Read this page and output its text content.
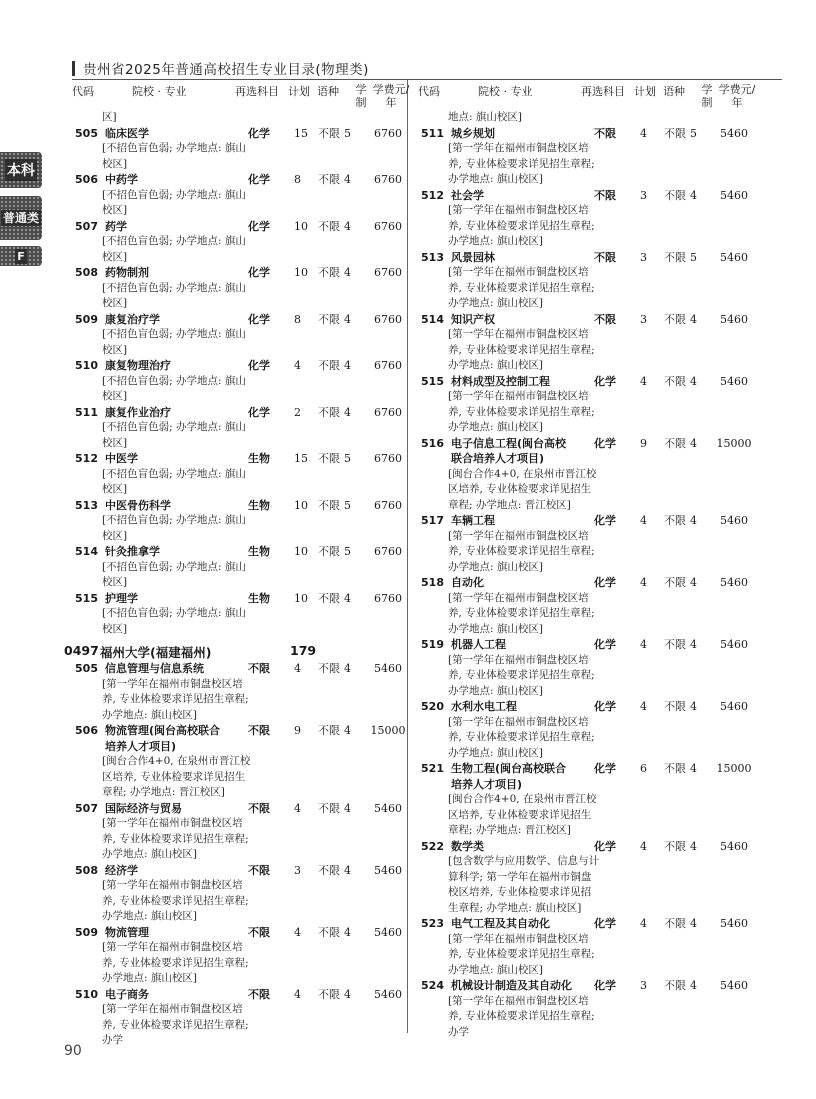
贵州省2025年普通高校招生专业目录(物理类)
本科
普通类
F
代码	院校 · 专业	再选科目 计划 语种 学制
学费元/年
区]
505 临床医学	化学 15 不限 5	6760
[不招色盲色弱; 办学地点: 旗山校区]
506 中药学	化学 8 不限 4	6760
[不招色盲色弱; 办学地点: 旗山校区]
507 药学	化学 10 不限 4	6760
[不招色盲色弱; 办学地点: 旗山校区]
508 药物制剂	化学 10 不限 4	6760
[不招色盲色弱; 办学地点: 旗山校区]
509 康复治疗学	化学 8 不限 4	6760
[不招色盲色弱; 办学地点: 旗山校区]
510 康复物理治疗	化学 4 不限 4	6760
[不招色盲色弱; 办学地点: 旗山校区]
511 康复作业治疗	化学 2 不限 4	6760
[不招色盲色弱; 办学地点: 旗山校区]
512 中医学	生物 15 不限 5	6760
[不招色盲色弱; 办学地点: 旗山校区]
513 中医骨伤科学	生物 10 不限 5	6760
[不招色盲色弱; 办学地点: 旗山校区]
514 针灸推拿学	生物 10 不限 5	6760
[不招色盲色弱; 办学地点: 旗山校区]
515 护理学	生物 10 不限 4	6760
[不招色盲色弱; 办学地点: 旗山校区]
0497 福州大学(福建福州)	179
505 信息管理与信息系统	不限 4 不限 4	5460
[第一学年在福州市铜盘校区培养, 专业体检要求详见招生章程; 办学地点: 旗山校区]
506 物流管理(闽台高校联合	不限 9 不限 4	15000
培养人才项目)
[闽台合作4+0, 在泉州市晋江校区培养, 专业体检要求详见招生章程; 办学地点: 晋江校区]
507 国际经济与贸易	不限 4 不限 4	5460
[第一学年在福州市铜盘校区培养, 专业体检要求详见招生章程; 办学地点: 旗山校区]
508 经济学	不限 3 不限 4	5460
[第一学年在福州市铜盘校区培养, 专业体检要求详见招生章程; 办学地点: 旗山校区]
509 物流管理	不限 4 不限 4	5460
[第一学年在福州市铜盘校区培养, 专业体检要求详见招生章程; 办学地点: 旗山校区]
510 电子商务	不限 4 不限 4	5460
[第一学年在福州市铜盘校区培养, 专业体检要求详见招生章程; 办学
代码	院校 · 专业	再选科目 计划 语种 学制
学费元/年
地点: 旗山校区]
511 城乡规划	不限 4 不限 5	5460
[第一学年在福州市铜盘校区培养, 专业体检要求详见招生章程; 办学地点: 旗山校区]
512 社会学	不限 3 不限 4	5460
[第一学年在福州市铜盘校区培养, 专业体检要求详见招生章程; 办学地点: 旗山校区]
513 风景园林	不限 3 不限 5	5460
[第一学年在福州市铜盘校区培养, 专业体检要求详见招生章程; 办学地点: 旗山校区]
514 知识产权	不限 3 不限 4	5460
[第一学年在福州市铜盘校区培养, 专业体检要求详见招生章程; 办学地点: 旗山校区]
515 材料成型及控制工程	化学 4 不限 4	5460
[第一学年在福州市铜盘校区培养, 专业体检要求详见招生章程; 办学地点: 旗山校区]
516 电子信息工程(闽台高校	化学 9 不限 4	15000
联合培养人才项目)
[闽台合作4+0, 在泉州市晋江校区培养, 专业体检要求详见招生章程; 办学地点: 晋江校区]
517 车辆工程	化学 4 不限 4	5460
[第一学年在福州市铜盘校区培养, 专业体检要求详见招生章程; 办学地点: 旗山校区]
518 自动化	化学 4 不限 4	5460
[第一学年在福州市铜盘校区培养, 专业体检要求详见招生章程; 办学地点: 旗山校区]
519 机器人工程	化学 4 不限 4	5460
[第一学年在福州市铜盘校区培养, 专业体检要求详见招生章程; 办学地点: 旗山校区]
520 水利水电工程	化学 4 不限 4	5460
[第一学年在福州市铜盘校区培养, 专业体检要求详见招生章程; 办学地点: 旗山校区]
521 生物工程(闽台高校联合	化学 6 不限 4	15000
培养人才项目)
[闽台合作4+0, 在泉州市晋江校区培养, 专业体检要求详见招生章程; 办学地点: 晋江校区]
522 数学类	化学 4 不限 4	5460
[包含数学与应用数学、信息与计算科学; 第一学年在福州市铜盘校区培养, 专业体检要求详见招生章程; 办学地点: 旗山校区]
523 电气工程及其自动化	化学 4 不限 4	5460
[第一学年在福州市铜盘校区培养, 专业体检要求详见招生章程; 办学地点: 旗山校区]
524 机械设计制造及其自动化 化学 3 不限 4	5460
[第一学年在福州市铜盘校区培养, 专业体检要求详见招生章程; 办学
90
